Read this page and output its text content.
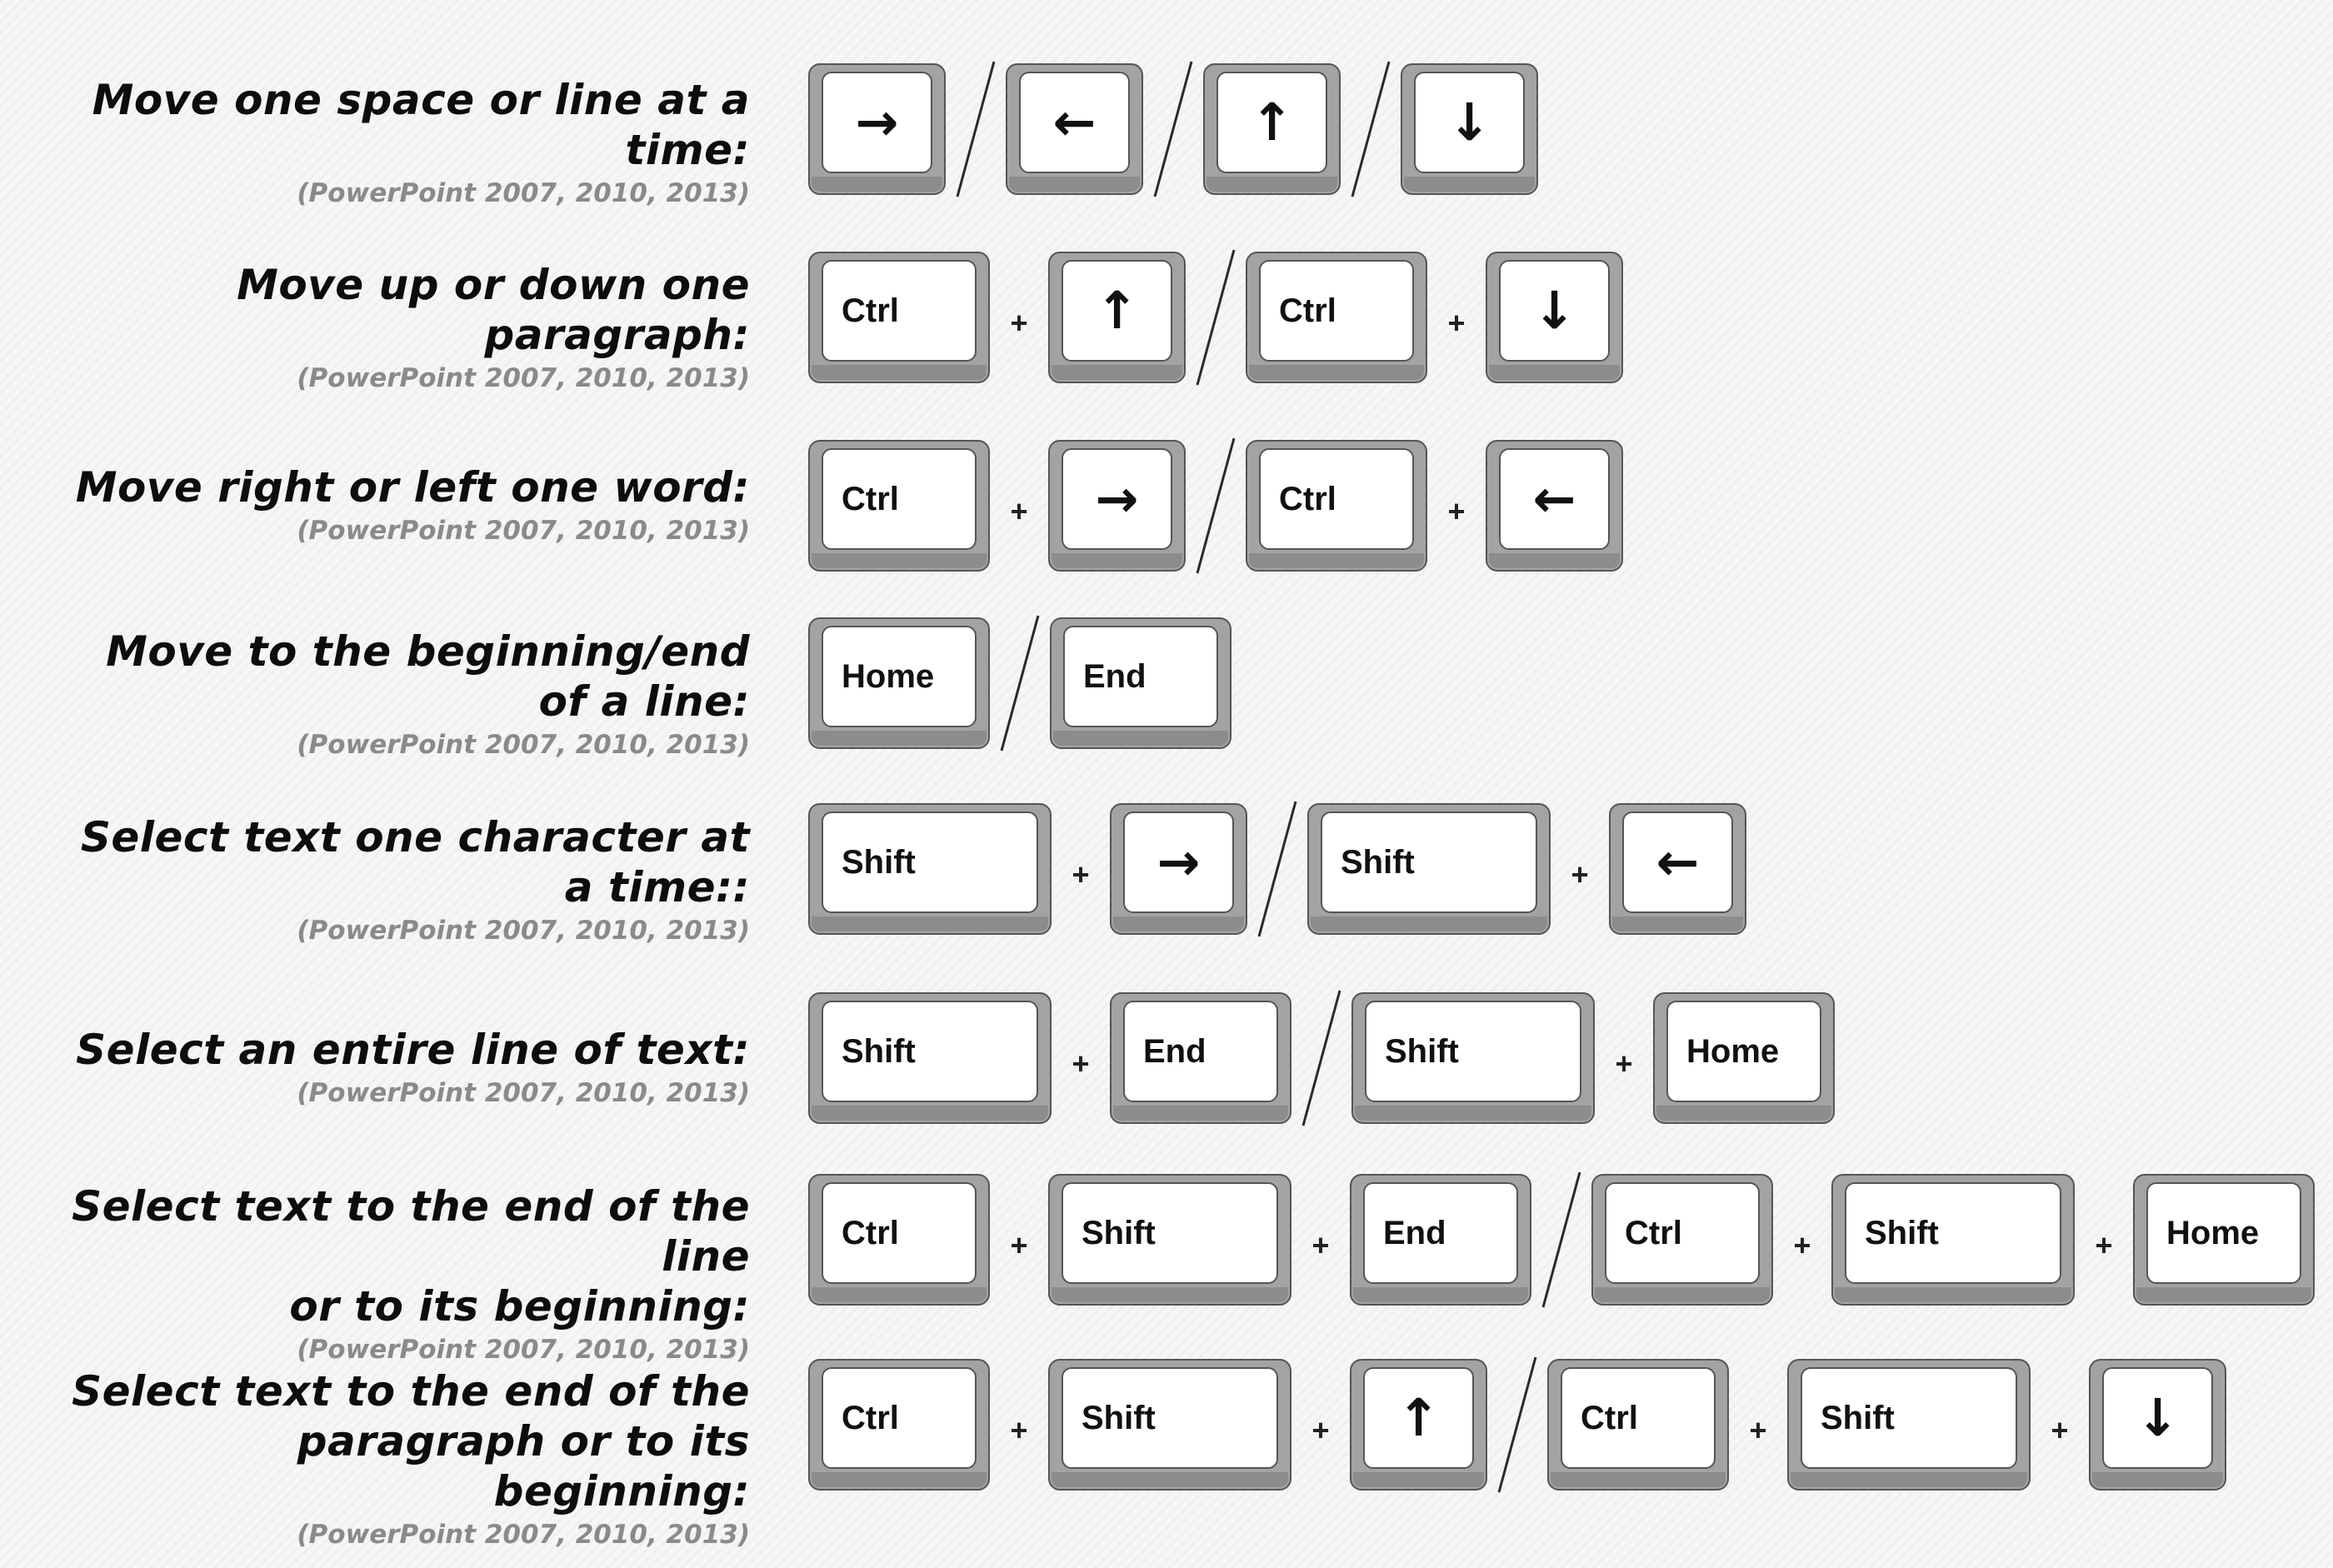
Move one space or line at a
time:
(PowerPoint 2007, 2010, 2013)
→	←	↑	↓
Move up or down one
paragraph:
(PowerPoint 2007, 2010, 2013)
Ctrl	+	↑	Ctrl	+	↓
Move right or left one word:
(PowerPoint 2007, 2010, 2013)
Ctrl	+	→	Ctrl	+	←
Move to the beginning/end
of a line:
(PowerPoint 2007, 2010, 2013)
Home	End
Select text one character at
a time::
(PowerPoint 2007, 2010, 2013)
Shift	+	→	Shift	+	←
Select an entire line of text:
(PowerPoint 2007, 2010, 2013)
Shift	+	End	Shift	+	Home
Select text to the end of the line
or to its beginning:
(PowerPoint 2007, 2010, 2013)
Ctrl	+	Shift	+	End	Ctrl	+	Shift	+	Home
Select text to the end of the
paragraph or to its beginning:
(PowerPoint 2007, 2010, 2013)
Ctrl	+	Shift	+	↑	Ctrl	+	Shift	+	↓
